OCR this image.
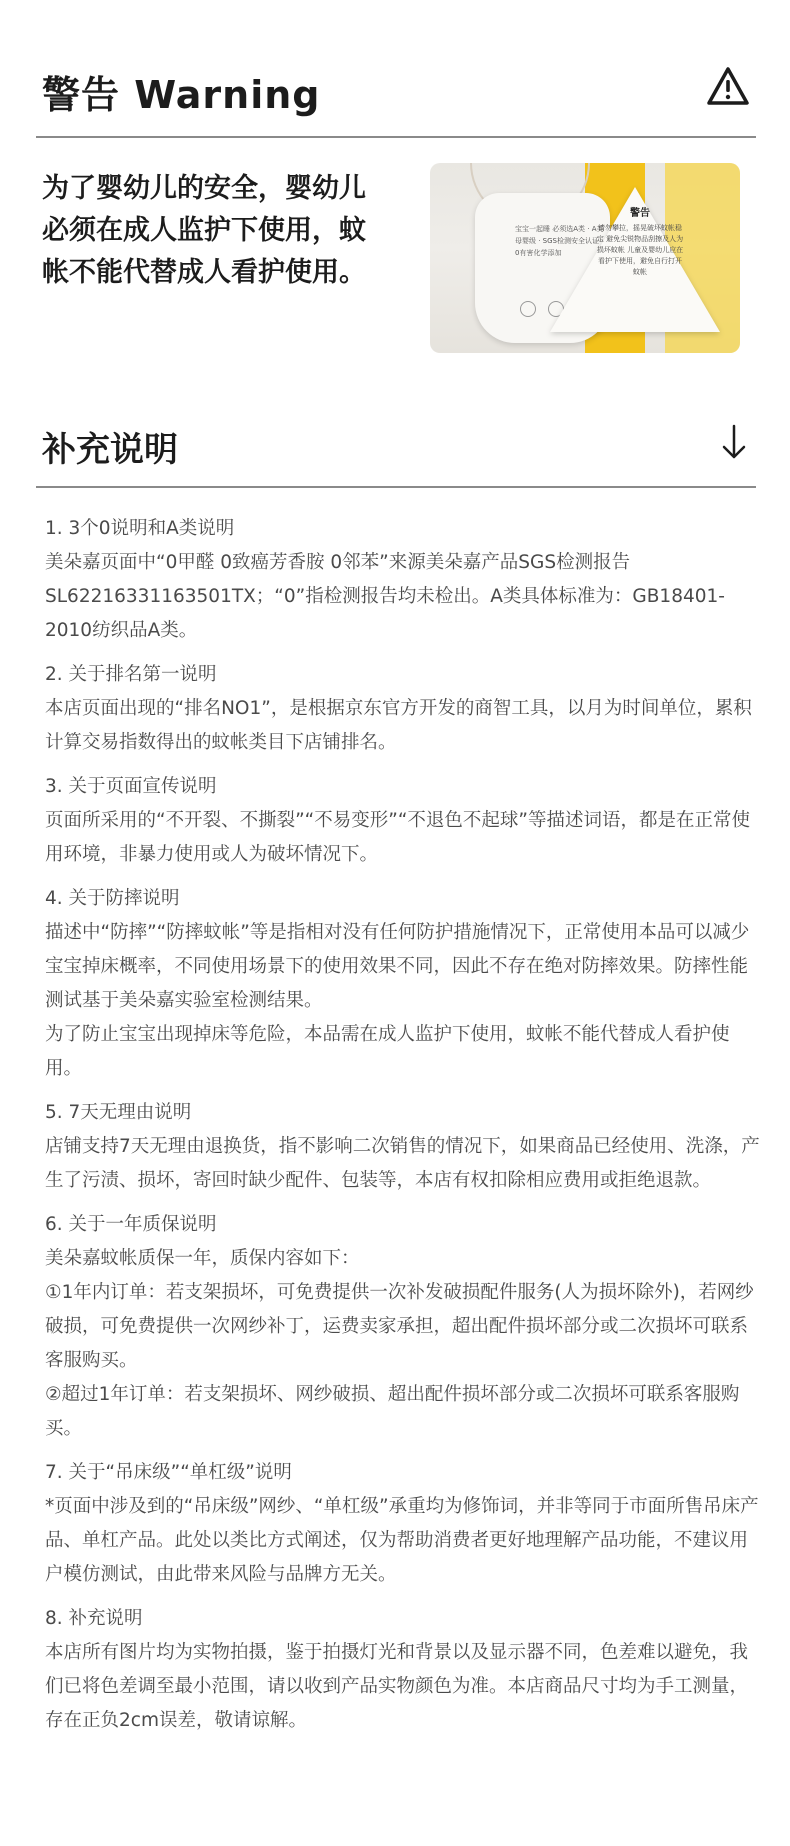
警告 Warning
为了婴幼儿的安全，婴幼儿必须在成人监护下使用，蚊帐不能代替成人看护使用。
宝宝一起睡 必须选A类 · A类母婴级 · SGS检测安全认证 · 0有害化学添加
警告
请勿攀拉，摇晃破坏蚊帐稳定 避免尖锐物品刮擦及人为损坏蚊帐 儿童及婴幼儿应在看护下使用，避免自行打开蚊帐
补充说明

1. 3个0说明和A类说明

美朵嘉页面中“0甲醛 0致癌芳香胺 0邻苯”来源美朵嘉产品SGS检测报告SL62216331163501TX；“0”指检测报告均未检出。A类具体标准为：GB18401-2010纺织品A类。

2. 关于排名第一说明

本店页面出现的“排名NO1”，是根据京东官方开发的商智工具，以月为时间单位，累积计算交易指数得出的蚊帐类目下店铺排名。

3. 关于页面宣传说明

页面所采用的“不开裂、不撕裂”“不易变形”“不退色不起球”等描述词语，都是在正常使用环境，非暴力使用或人为破坏情况下。

4. 关于防摔说明

描述中“防摔”“防摔蚊帐”等是指相对没有任何防护措施情况下，正常使用本品可以减少宝宝掉床概率，不同使用场景下的使用效果不同，因此不存在绝对防摔效果。防摔性能测试基于美朵嘉实验室检测结果。

为了防止宝宝出现掉床等危险，本品需在成人监护下使用，蚊帐不能代替成人看护使用。

5. 7天无理由说明

店铺支持7天无理由退换货，指不影响二次销售的情况下，如果商品已经使用、洗涤，产生了污渍、损坏，寄回时缺少配件、包装等，本店有权扣除相应费用或拒绝退款。

6. 关于一年质保说明

美朵嘉蚊帐质保一年，质保内容如下：

①1年内订单：若支架损坏，可免费提供一次补发破损配件服务(人为损坏除外)，若网纱破损，可免费提供一次网纱补丁，运费卖家承担，超出配件损坏部分或二次损坏可联系客服购买。

②超过1年订单：若支架损坏、网纱破损、超出配件损坏部分或二次损坏可联系客服购买。

7. 关于“吊床级”“单杠级”说明

*页面中涉及到的“吊床级”网纱、“单杠级”承重均为修饰词，并非等同于市面所售吊床产品、单杠产品。此处以类比方式阐述，仅为帮助消费者更好地理解产品功能，不建议用户模仿测试，由此带来风险与品牌方无关。

8. 补充说明

本店所有图片均为实物拍摄，鉴于拍摄灯光和背景以及显示器不同，色差难以避免，我们已将色差调至最小范围，请以收到产品实物颜色为准。本店商品尺寸均为手工测量，存在正负2cm误差，敬请谅解。
